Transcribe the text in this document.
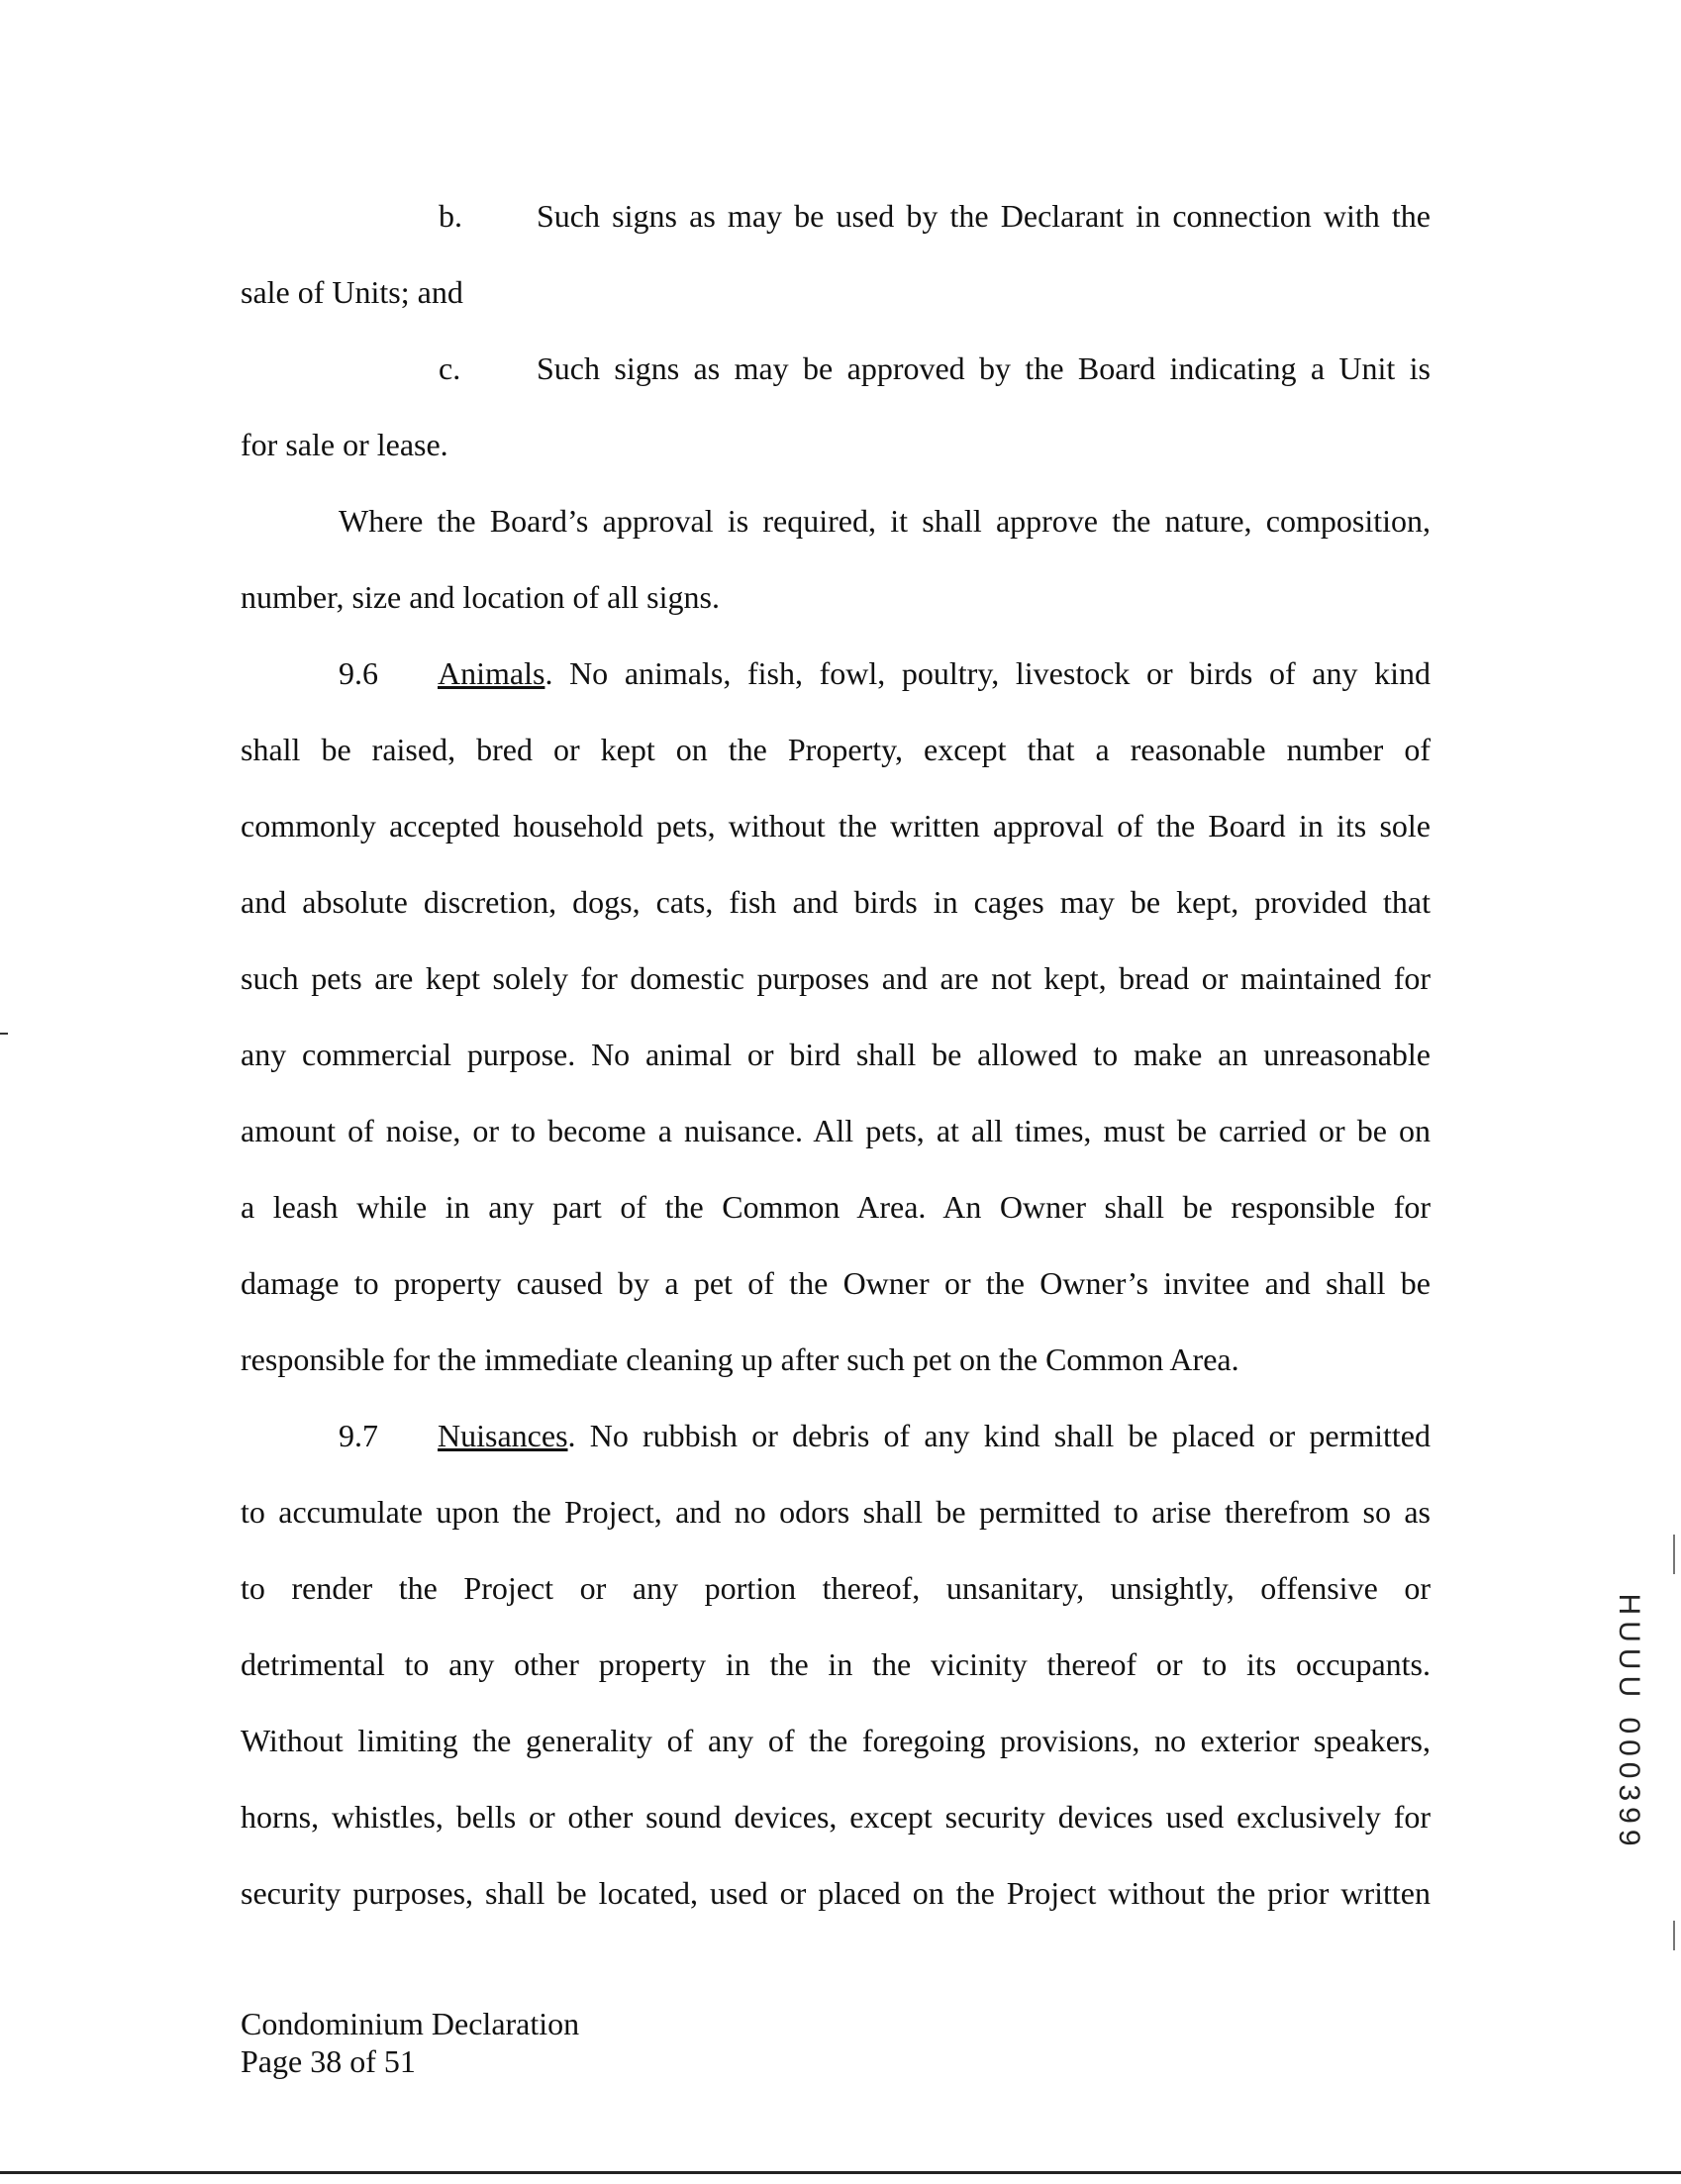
b. Such signs as may be used by the Declarant in connection with the
sale of Units; and
c. Such signs as may be approved by the Board indicating a Unit is
for sale or lease.
Where the Board’s approval is required, it shall approve the nature, composition,
number, size and location of all signs.
9.6 Animals. No animals, fish, fowl, poultry, livestock or birds of any kind
shall be raised, bred or kept on the Property, except that a reasonable number of
commonly accepted household pets, without the written approval of the Board in its sole
and absolute discretion, dogs, cats, fish and birds in cages may be kept, provided that
such pets are kept solely for domestic purposes and are not kept, bread or maintained for
any commercial purpose. No animal or bird shall be allowed to make an unreasonable
amount of noise, or to become a nuisance. All pets, at all times, must be carried or be on
a leash while in any part of the Common Area. An Owner shall be responsible for
damage to property caused by a pet of the Owner or the Owner’s invitee and shall be
responsible for the immediate cleaning up after such pet on the Common Area.
9.7 Nuisances. No rubbish or debris of any kind shall be placed or permitted
to accumulate upon the Project, and no odors shall be permitted to arise therefrom so as
to render the Project or any portion thereof, unsanitary, unsightly, offensive or
detrimental to any other property in the in the vicinity thereof or to its occupants.
Without limiting the generality of any of the foregoing provisions, no exterior speakers,
horns, whistles, bells or other sound devices, except security devices used exclusively for
security purposes, shall be located, used or placed on the Project without the prior written
Condominium Declaration
Page 38 of 51
HUUU 000399
